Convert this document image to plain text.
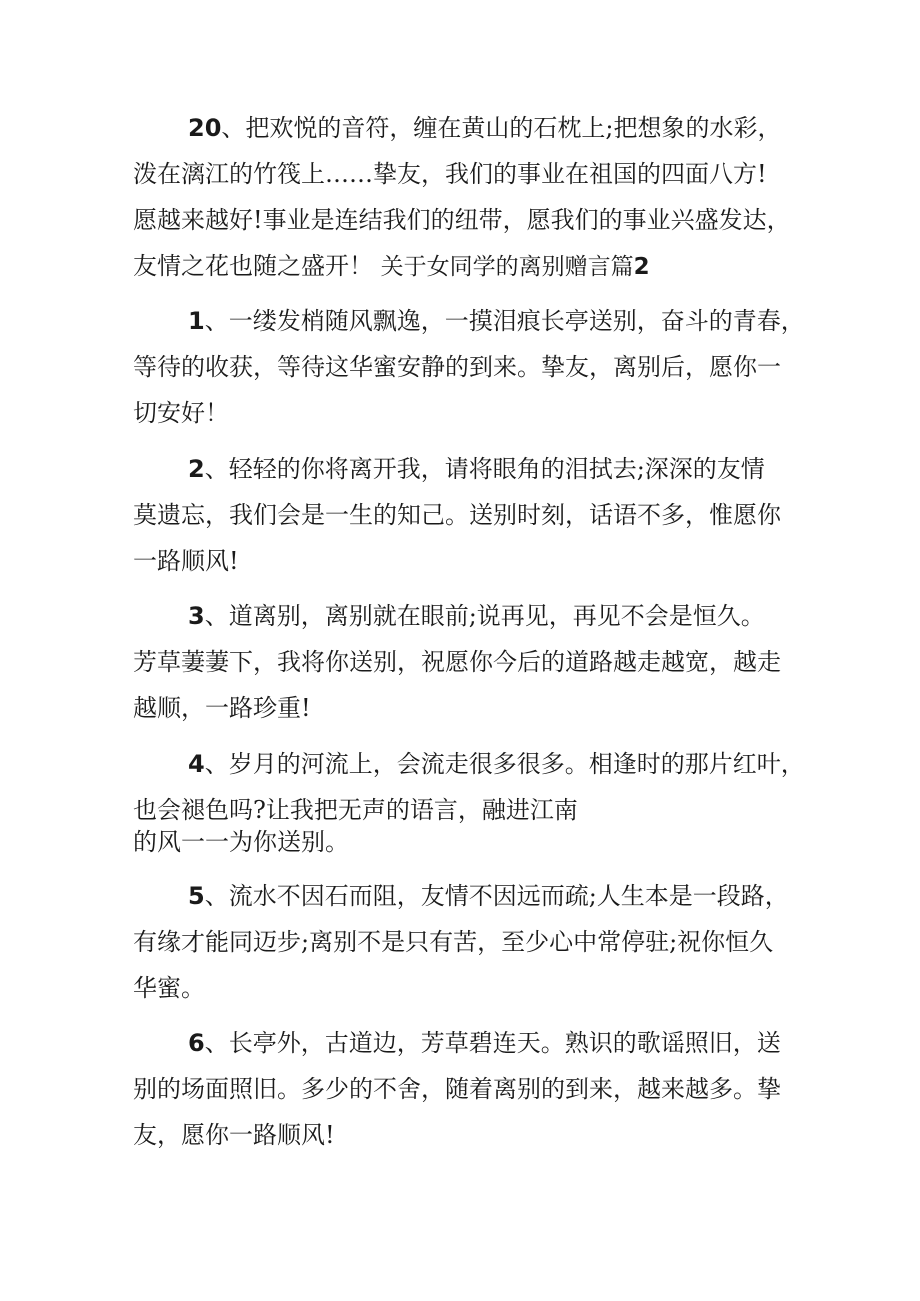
20、把欢悦的音符，缠在黄山的石枕上;把想象的水彩，
泼在漓江的竹筏上……挚友，我们的事业在祖国的四面八方!
愿越来越好!事业是连结我们的纽带，愿我们的事业兴盛发达，
友情之花也随之盛开！ 关于女同学的离别赠言篇2
1、一缕发梢随风飘逸，一摸泪痕长亭送别，奋斗的青春，
等待的收获，等待这华蜜安静的到来。挚友，离别后，愿你一
切安好！
2、轻轻的你将离开我，请将眼角的泪拭去;深深的友情
莫遗忘，我们会是一生的知己。送别时刻，话语不多，惟愿你
一路顺风!
3、道离别，离别就在眼前;说再见，再见不会是恒久。
芳草萋萋下，我将你送别，祝愿你今后的道路越走越宽，越走
越顺，一路珍重!
4、岁月的河流上，会流走很多很多。相逢时的那片红叶，
也会褪色吗?让我把无声的语言，融进江南
的风一一为你送别。
5、流水不因石而阻，友情不因远而疏;人生本是一段路，
有缘才能同迈步;离别不是只有苦，至少心中常停驻;祝你恒久
华蜜。
6、长亭外，古道边，芳草碧连天。熟识的歌谣照旧，送
别的场面照旧。多少的不舍，随着离别的到来，越来越多。挚
友，愿你一路顺风!
